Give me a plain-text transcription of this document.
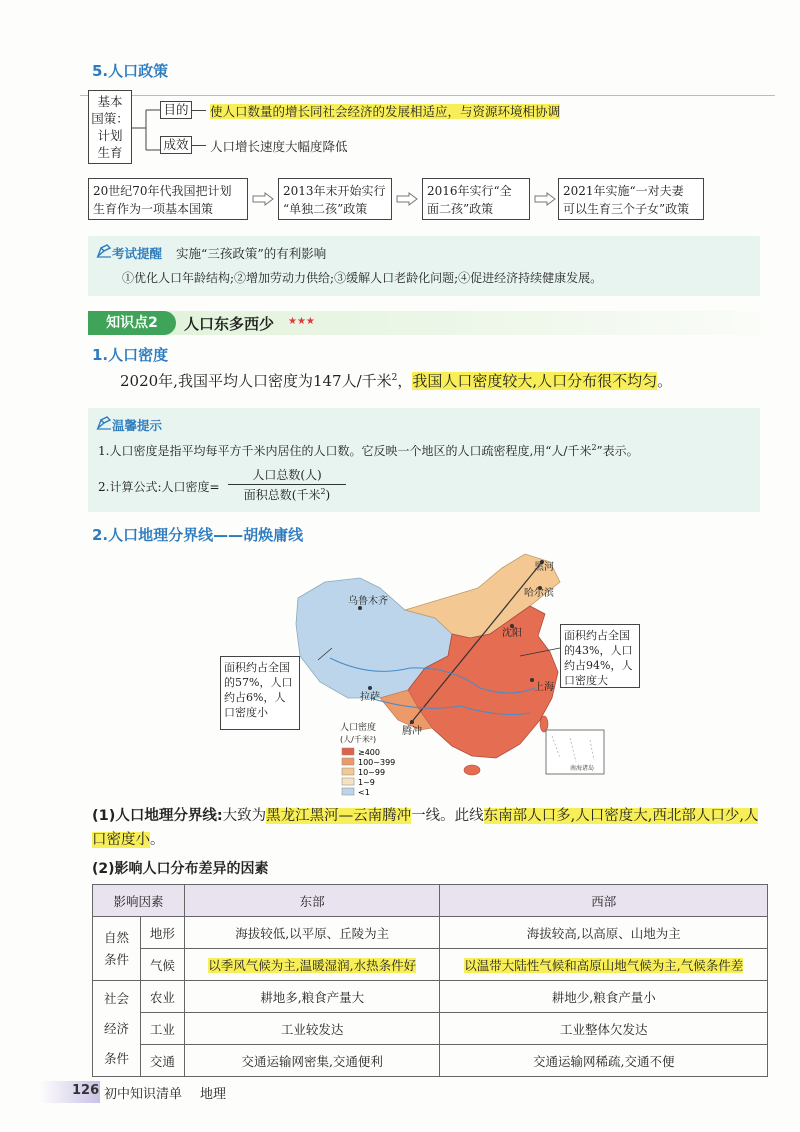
5.人口政策
基本
国策：
计划
生育
目的 使人口数量的增长同社会经济的发展相适应，与资源环境相协调
成效 人口增长速度大幅度降低
20世纪70年代我国把计划
生育作为一项基本国策
2013年末开始实行
“单独二孩”政策
2016年实行“全
面二孩”政策
2021年实施“一对夫妻
可以生育三个子女”政策
考试提醒 实施“三孩政策”的有利影响
①优化人口年龄结构;②增加劳动力供给;③缓解人口老龄化问题;④促进经济持续健康发展。
知识点2	人口东多西少 ★★★
1.人口密度
2020年,我国平均人口密度为147人/千米$^2$，我国人口密度较大,人口分布很不均匀。
温馨提示
1.人口密度是指平均每平方千米内居住的人口数。它反映一个地区的人口疏密程度,用“人/千米$^2$”表示。
2.计算公式:人口密度=
人口总数(人)
面积总数(千米$^2$)
2.人口地理分界线——胡焕庸线
黑河
哈尔滨
沈阳
乌鲁木齐
上海
拉萨
腾冲
南海诸岛
人口密度
(人/千米²)
≥400
100~399
10~99
1~9
<1
面积约占全国的57%，人口约占6%，人口密度小
面积约占全国的43%，人口约占94%，人口密度大
(1)人口地理分界线:大致为黑龙江黑河—云南腾冲一线。此线东南部人口多,人口密度大,西北部人口少,人口密度小。
(2)影响人口分布差异的因素
影响因素		东部	西部

自然条件	地形	海拔较低,以平原、丘陵为主	海拔较高,以高原、山地为主
	气候	以季风气候为主,温暖湿润,水热条件好	以温带大陆性气候和高原山地气候为主,气候条件差

社会经济条件	农业	耕地多,粮食产量大	耕地少,粮食产量小
	工业	工业较发达	工业整体欠发达
	交通	交通运输网密集,交通便利	交通运输网稀疏,交通不便
126 初中知识清单 地理
